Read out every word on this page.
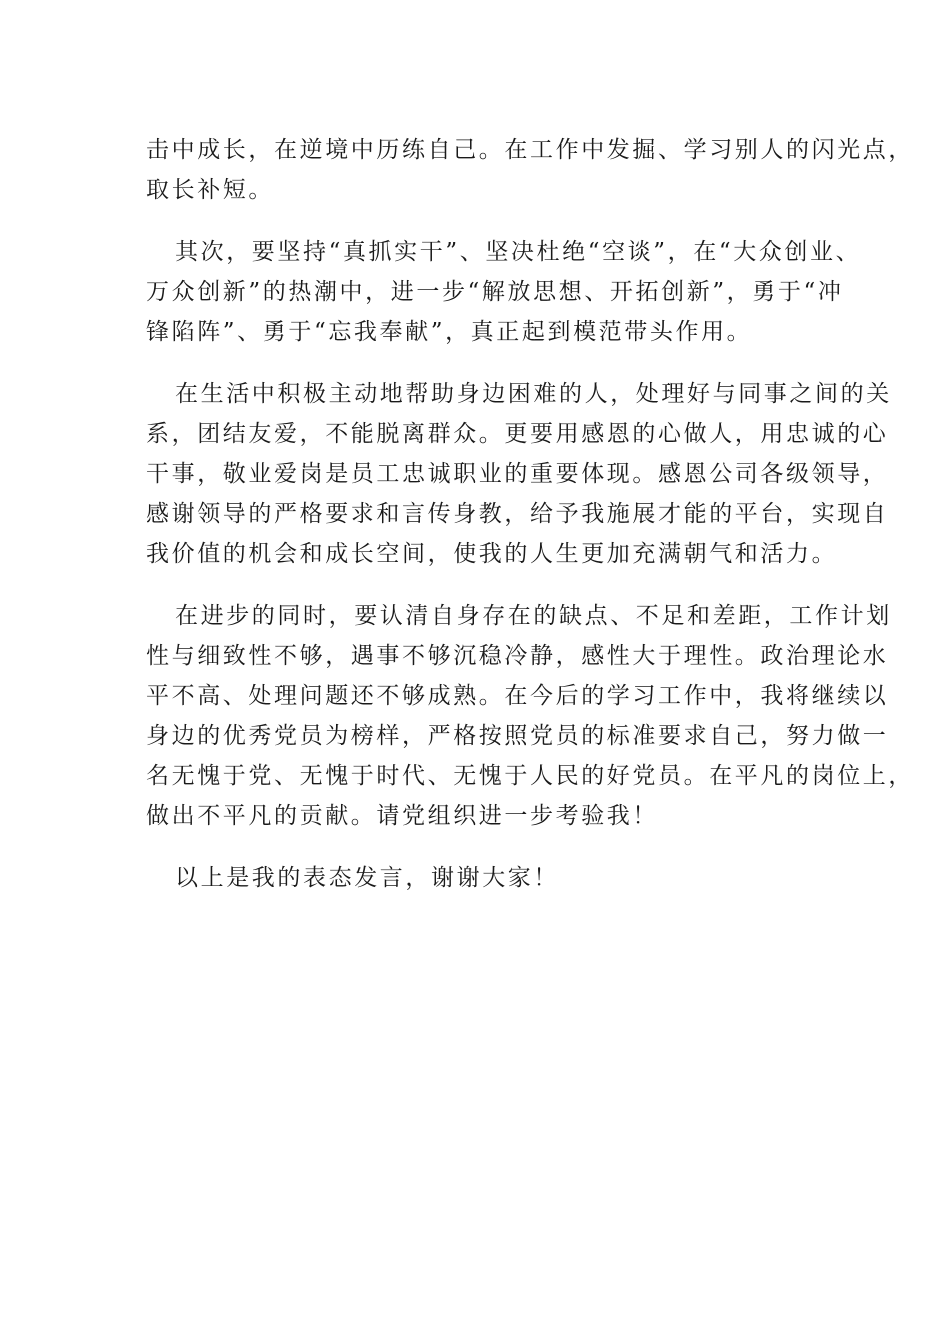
击中成长，在逆境中历练自己。在工作中发掘、学习别人的闪光点，
取长补短。

其次，要坚持“真抓实干”、坚决杜绝“空谈”，在“大众创业、
万众创新”的热潮中，进一步“解放思想、开拓创新”，勇于“冲
锋陷阵”、勇于“忘我奉献”，真正起到模范带头作用。

在生活中积极主动地帮助身边困难的人，处理好与同事之间的关
系，团结友爱，不能脱离群众。更要用感恩的心做人，用忠诚的心
干事，敬业爱岗是员工忠诚职业的重要体现。感恩公司各级领导，
感谢领导的严格要求和言传身教，给予我施展才能的平台，实现自
我价值的机会和成长空间，使我的人生更加充满朝气和活力。

在进步的同时，要认清自身存在的缺点、不足和差距，工作计划
性与细致性不够，遇事不够沉稳冷静，感性大于理性。政治理论水
平不高、处理问题还不够成熟。在今后的学习工作中，我将继续以
身边的优秀党员为榜样，严格按照党员的标准要求自己，努力做一
名无愧于党、无愧于时代、无愧于人民的好党员。在平凡的岗位上，
做出不平凡的贡献。请党组织进一步考验我！

以上是我的表态发言，谢谢大家！
